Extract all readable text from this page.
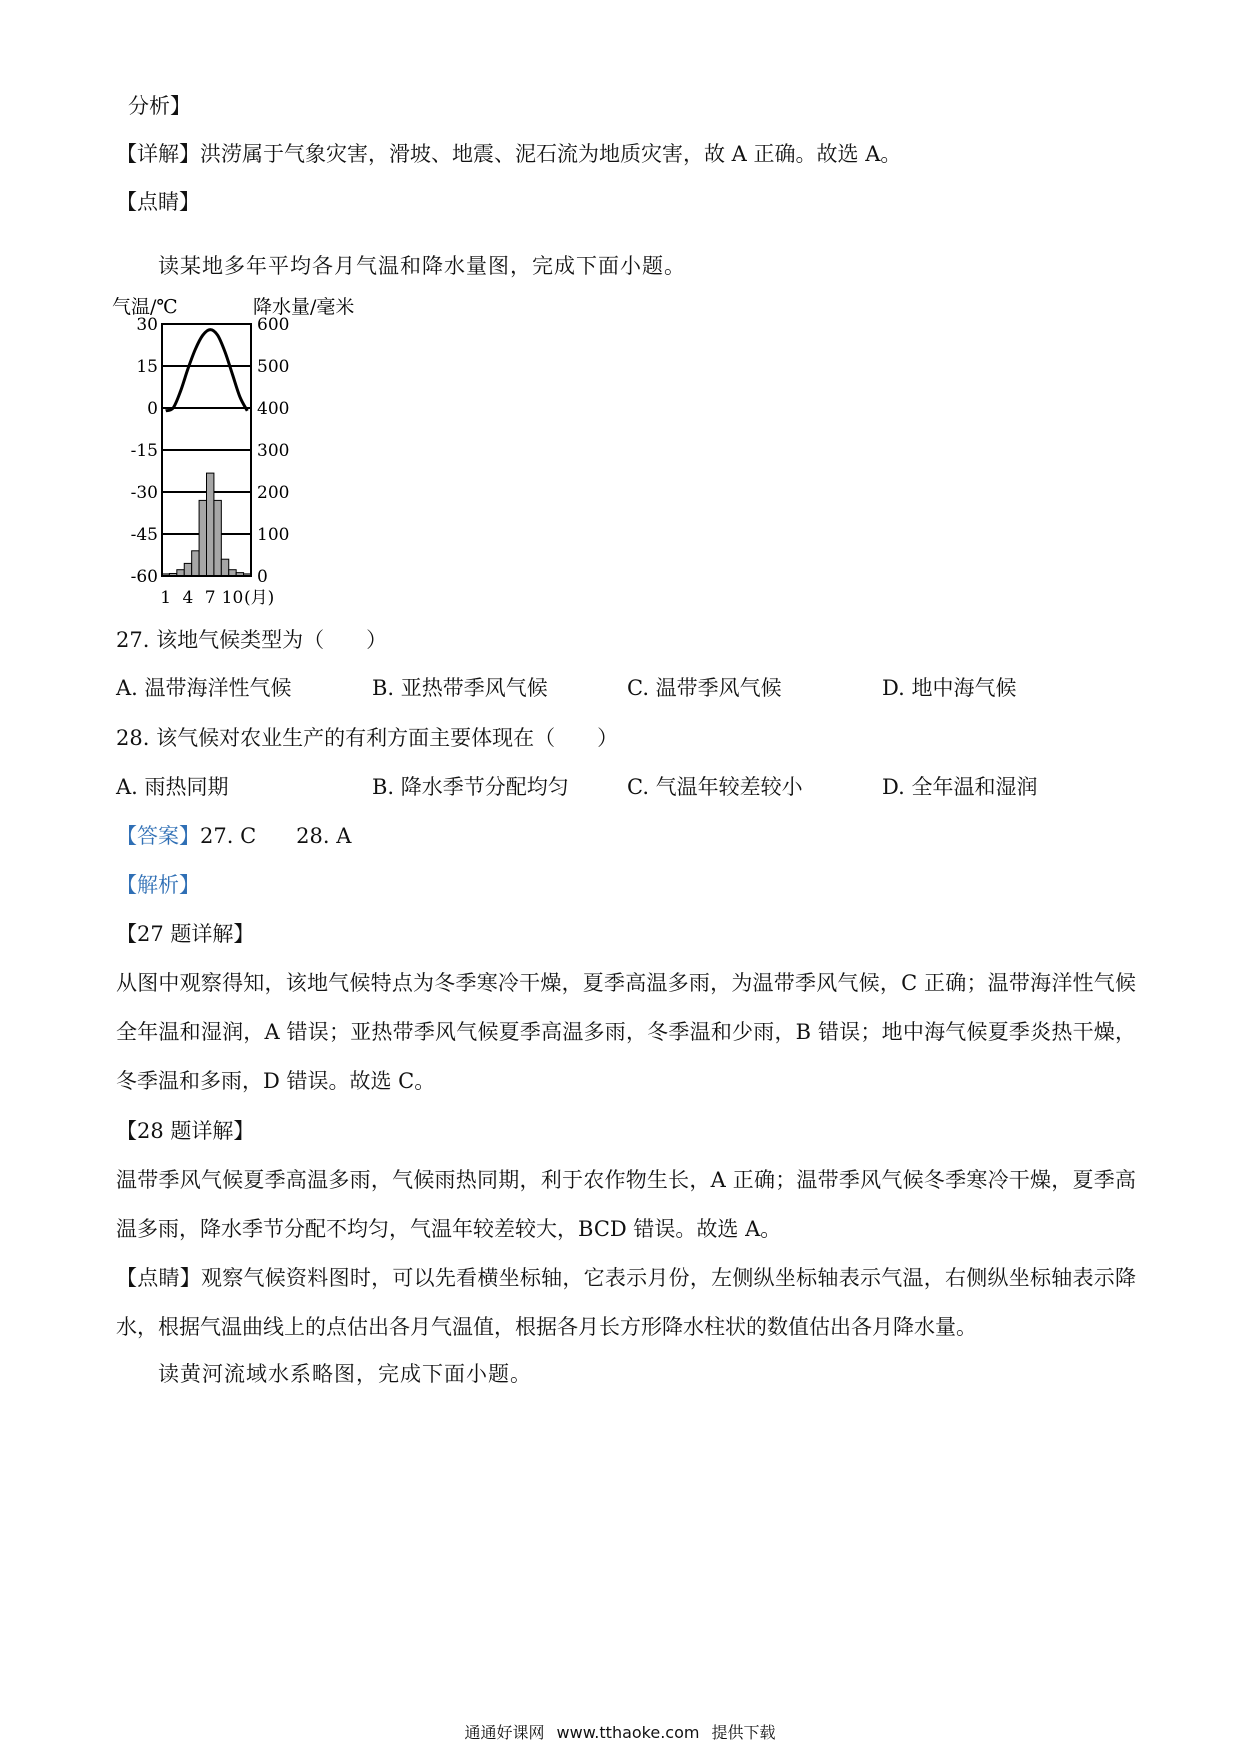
分析】
【详解】洪涝属于气象灾害，滑坡、地震、泥石流为地质灾害，故 A 正确。故选 A。
【点睛】
读某地多年平均各月气温和降水量图，完成下面小题。
气温/℃	降水量/毫米
30
15
0
-15
-30
-45
-60
600
500
400
300
200
100
0
1 4 7 10 (月)
27. 该地气候类型为（　　）
A. 温带海洋性气候	B. 亚热带季风气候	C. 温带季风气候	D. 地中海气候
28. 该气候对农业生产的有利方面主要体现在（　　）
A. 雨热同期	B. 降水季节分配均匀	C. 气温年较差较小	D. 全年温和湿润
【答案】27. C 28. A
【解析】
【27 题详解】
从图中观察得知，该地气候特点为冬季寒冷干燥，夏季高温多雨，为温带季风气候，C 正确；温带海洋性气候全年温和湿润，A 错误；亚热带季风气候夏季高温多雨，冬季温和少雨，B 错误；地中海气候夏季炎热干燥，冬季温和多雨，D 错误。故选 C。
【28 题详解】
温带季风气候夏季高温多雨，气候雨热同期，利于农作物生长，A 正确；温带季风气候冬季寒冷干燥，夏季高温多雨，降水季节分配不均匀，气温年较差较大，BCD 错误。故选 A。
【点睛】观察气候资料图时，可以先看横坐标轴，它表示月份，左侧纵坐标轴表示气温，右侧纵坐标轴表示降水，根据气温曲线上的点估出各月气温值，根据各月长方形降水柱状的数值估出各月降水量。
读黄河流域水系略图，完成下面小题。
通通好课网 www.tthaoke.com 提供下载
